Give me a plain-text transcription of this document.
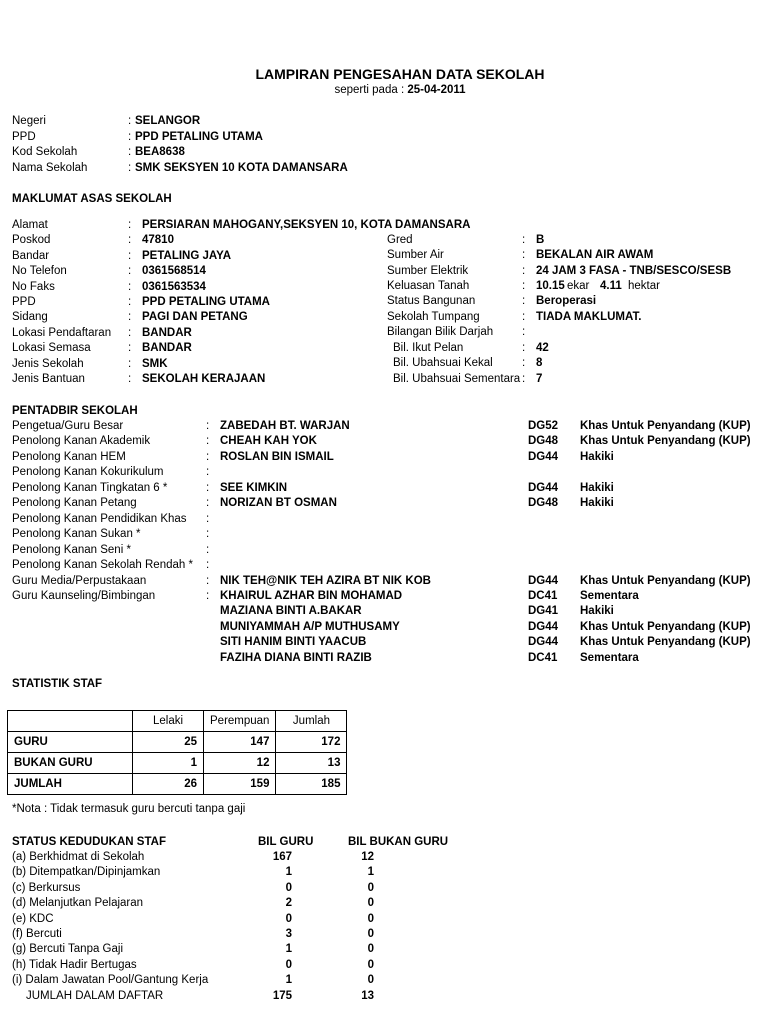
LAMPIRAN PENGESAHAN DATA SEKOLAH
seperti pada : 25-04-2011
Negeri	: SELANGOR
PPD	: PPD PETALING UTAMA
Kod Sekolah	: BEA8638
Nama Sekolah	: SMK SEKSYEN 10 KOTA DAMANSARA
MAKLUMAT ASAS SEKOLAH
Alamat	: PERSIARAN MAHOGANY,SEKSYEN 10, KOTA DAMANSARA
Poskod	: 47810
Bandar	: PETALING JAYA
No Telefon	: 0361568514
No Faks	: 0361563534
PPD	: PPD PETALING UTAMA
Sidang	: PAGI DAN PETANG
Lokasi Pendaftaran : BANDAR
Lokasi Semasa	: BANDAR
Jenis Sekolah	: SMK
Jenis Bantuan	: SEKOLAH KERAJAAN
Gred	: B
Sumber Air	: BEKALAN AIR AWAM
Sumber Elektrik	: 24 JAM 3 FASA - TNB/SESCO/SESB
Keluasan Tanah	: 10.15 ekar 4.11 hektar
Status Bangunan	: Beroperasi
Sekolah Tumpang	: TIADA MAKLUMAT.
Bilangan Bilik Darjah	:
Bil. Ikut Pelan	: 42
Bil. Ubahsuai Kekal	: 8
Bil. Ubahsuai Sementara : 7
PENTADBIR SEKOLAH
Pengetua/Guru Besar	: ZABEDAH BT. WARJAN	DG52 Khas Untuk Penyandang (KUP)
Penolong Kanan Akademik	: CHEAH KAH YOK	DG48 Khas Untuk Penyandang (KUP)
Penolong Kanan HEM	: ROSLAN BIN ISMAIL	DG44 Hakiki
Penolong Kanan Kokurikulum	:
Penolong Kanan Tingkatan 6 *	: SEE KIMKIN	DG44 Hakiki
Penolong Kanan Petang	: NORIZAN BT OSMAN	DG48 Hakiki
Penolong Kanan Pendidikan Khas :
Penolong Kanan Sukan *	:
Penolong Kanan Seni *	:
Penolong Kanan Sekolah Rendah * :
Guru Media/Perpustakaan	: NIK TEH@NIK TEH AZIRA BT NIK KOB	DG44 Khas Untuk Penyandang (KUP)
Guru Kaunseling/Bimbingan	: KHAIRUL AZHAR BIN MOHAMAD	DC41 Sementara
MAZIANA BINTI A.BAKAR	DG41 Hakiki
MUNIYAMMAH A/P MUTHUSAMY	DG44 Khas Untuk Penyandang (KUP)
SITI HANIM BINTI YAACUB	DG44 Khas Untuk Penyandang (KUP)
FAZIHA DIANA BINTI RAZIB	DC41 Sementara
STATISTIK STAF
	Lelaki	Perempuan	Jumlah
GURU	25	147	172
BUKAN GURU	1	12	13
JUMLAH	26	159	185
*Nota : Tidak termasuk guru bercuti tanpa gaji
STATUS KEDUDUKAN STAF	BIL GURU	BIL BUKAN GURU
(a) Berkhidmat di Sekolah	167	12
(b) Ditempatkan/Dipinjamkan	1	1
(c) Berkursus	0	0
(d) Melanjutkan Pelajaran	2	0
(e) KDC	0	0
(f) Bercuti	3	0
(g) Bercuti Tanpa Gaji	1	0
(h) Tidak Hadir Bertugas	0	0
(i) Dalam Jawatan Pool/Gantung Kerja	1	0
JUMLAH DALAM DAFTAR	175	13
